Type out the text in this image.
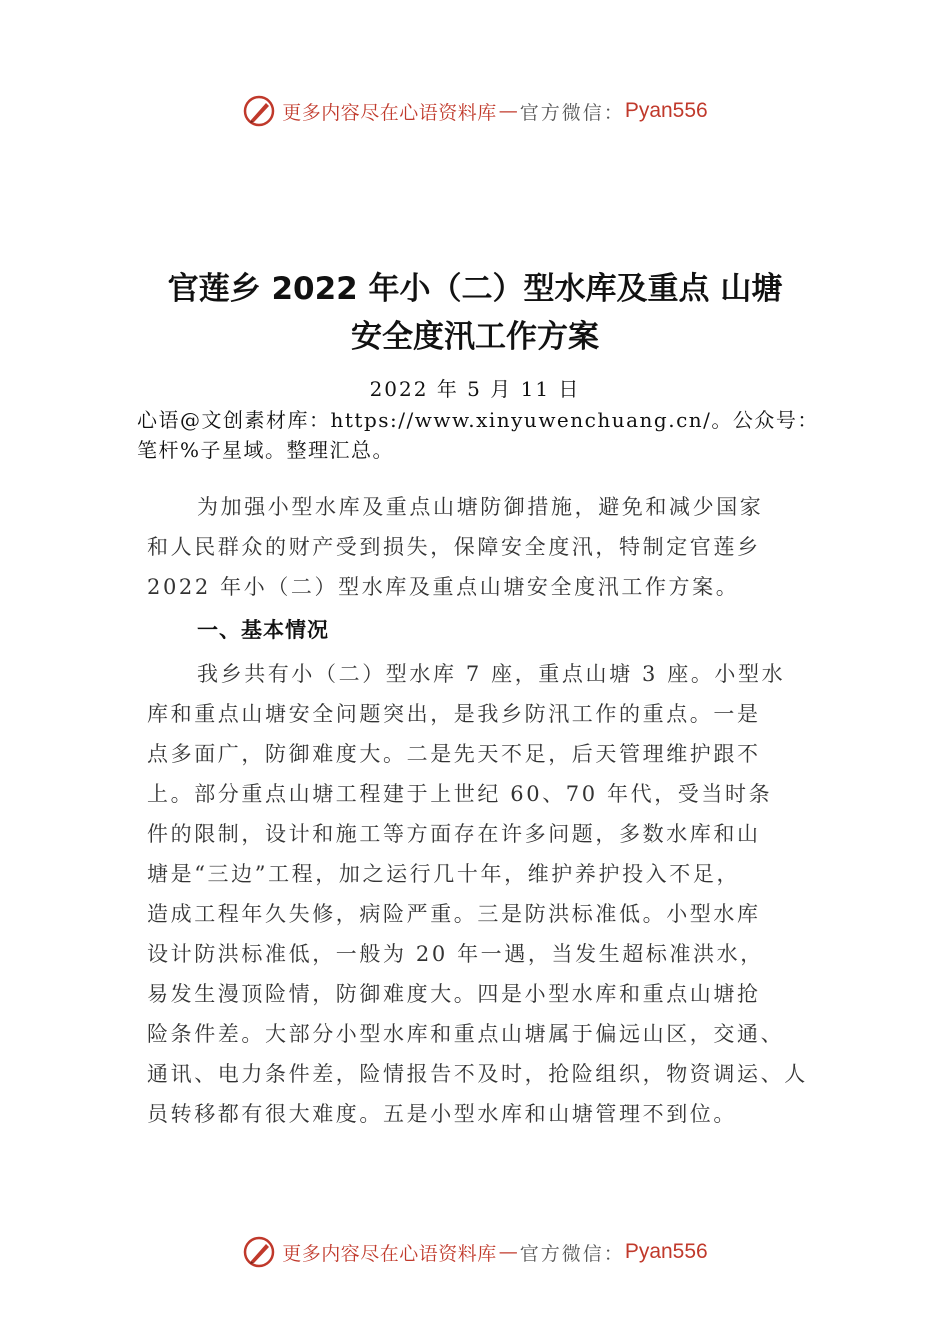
更多内容尽在心语资料库 — 官方微信： Pyan556
官莲乡 2022 年小（二）型水库及重点 山塘
安全度汛工作方案
2022 年 5 月 11 日
心语@文创素材库：https://www.xinyuwenchuang.cn/。公众号：
笔杆%子星域。整理汇总。
为加强小型水库及重点山塘防御措施，避免和减少国家
和人民群众的财产受到损失，保障安全度汛，特制定官莲乡
2022 年小（二）型水库及重点山塘安全度汛工作方案。
一、基本情况
我乡共有小（二）型水库 7 座，重点山塘 3 座。小型水
库和重点山塘安全问题突出，是我乡防汛工作的重点。一是
点多面广，防御难度大。二是先天不足，后天管理维护跟不
上。部分重点山塘工程建于上世纪 60、70 年代，受当时条
件的限制，设计和施工等方面存在许多问题，多数水库和山
塘是“三边”工程，加之运行几十年，维护养护投入不足，
造成工程年久失修，病险严重。三是防洪标准低。小型水库
设计防洪标准低，一般为 20 年一遇，当发生超标准洪水，
易发生漫顶险情，防御难度大。四是小型水库和重点山塘抢
险条件差。大部分小型水库和重点山塘属于偏远山区，交通、
通讯、电力条件差，险情报告不及时，抢险组织，物资调运、人
员转移都有很大难度。五是小型水库和山塘管理不到位。
更多内容尽在心语资料库 — 官方微信： Pyan556
